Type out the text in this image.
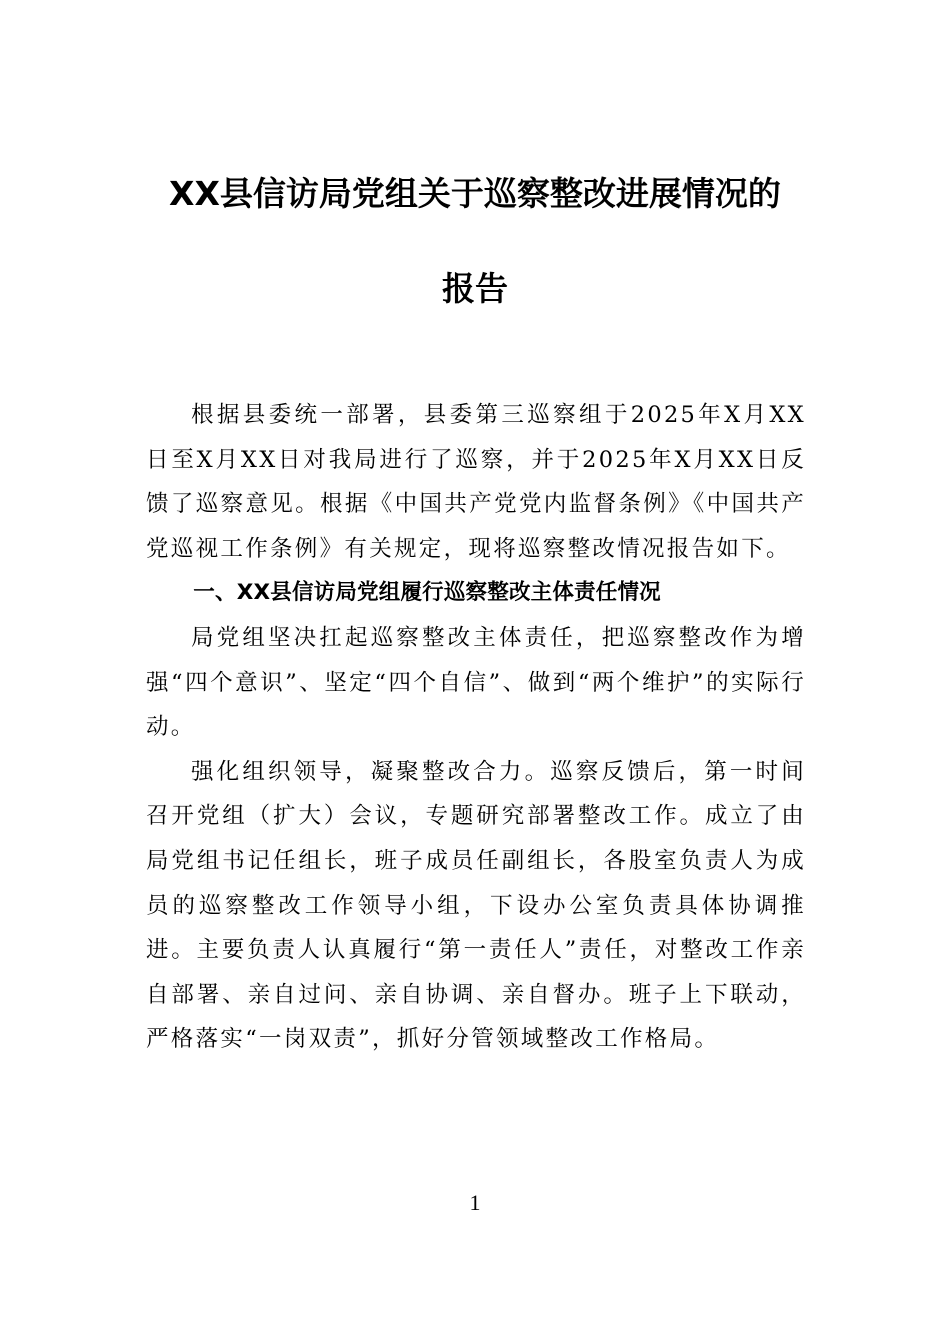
XX县信访局党组关于巡察整改进展情况的
报告

根据县委统一部署，县委第三巡察组于2025年X月XX日至X月XX日对我局进行了巡察，并于2025年X月XX日反馈了巡察意见。根据《中国共产党党内监督条例》《中国共产党巡视工作条例》有关规定，现将巡察整改情况报告如下。

一、XX县信访局党组履行巡察整改主体责任情况

局党组坚决扛起巡察整改主体责任，把巡察整改作为增强“四个意识”、坚定“四个自信”、做到“两个维护”的实际行动。

强化组织领导，凝聚整改合力。巡察反馈后，第一时间召开党组（扩大）会议，专题研究部署整改工作。成立了由局党组书记任组长，班子成员任副组长，各股室负责人为成员的巡察整改工作领导小组，下设办公室负责具体协调推进。主要负责人认真履行“第一责任人”责任，对整改工作亲自部署、亲自过问、亲自协调、亲自督办。班子上下联动，严格落实“一岗双责”，抓好分管领域整改工作格局。

1
